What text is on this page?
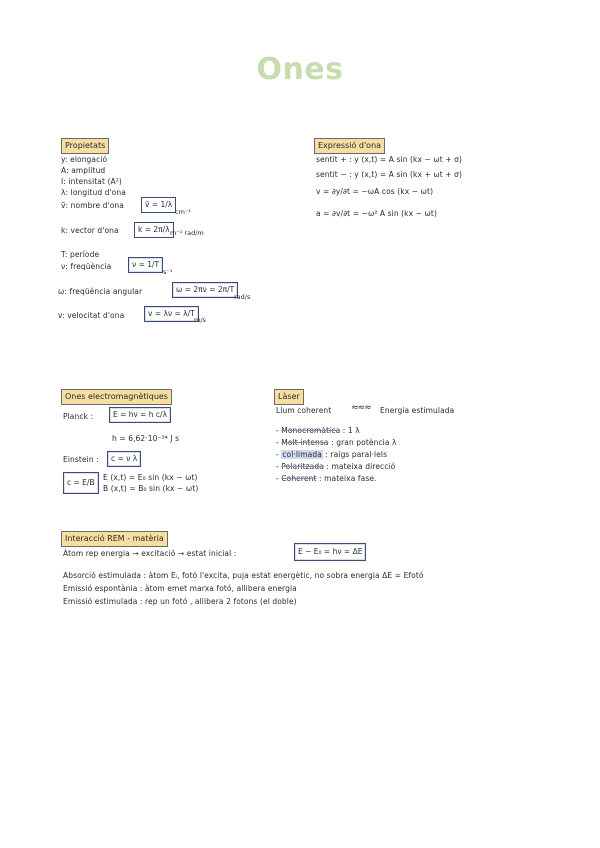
Ones
Propietats
y: elongació
A: amplitud
I: intensitat (A²)
λ: longitud d'ona
ṽ: nombre d'ona	ṽ = 1/λ
cm⁻¹
k: vector d'ona	k = 2π/λ m⁻¹ rad/m
T: període
ν: freqüència	ν = 1/T
s⁻¹
ω: freqüència angular	ω = 2πν = 2π/T
rad/s
v: velocitat d'ona	v = λν = λ/T
m/s
Expressió d'ona
sentit + : y (x,t) = A sin (kx − ωt + σ)
sentit − : y (x,t) = A sin (kx + ωt + σ)
v = ∂y/∂t = −ωA cos (kx − ωt)
a = ∂v/∂t = −ω² A sin (kx − ωt)
Ones electromagnètiques
Planck :	E = hν = h c/λ
h = 6,62·10⁻³⁴ J s
Einstein :	c = ν λ
c = E/B
E (x,t) = E₀ sin (kx − ωt)
B (x,t) = B₀ sin (kx − ωt)
Làser
Llum coherent ≈≈≈ Energia estimulada
- Monocromàtica : 1 λ
- Molt intensa : gran potència λ
- col·limada : raigs paral·lels
- Polaritzada : mateixa direcció
- Coherent : mateixa fase.
Interacció REM - matèria
Àtom rep energia → excitació → estat inicial :	E − E₀ = hν = ΔE
Absorció estimulada : àtom Eᵢ, fotó l'excita, puja estat energètic, no sobra energia ΔE = Efotó
Emissió espontània : àtom emet marxa fotó, allibera energia
Emissió estimulada : rep un fotó , allibera 2 fotons (el doble)
